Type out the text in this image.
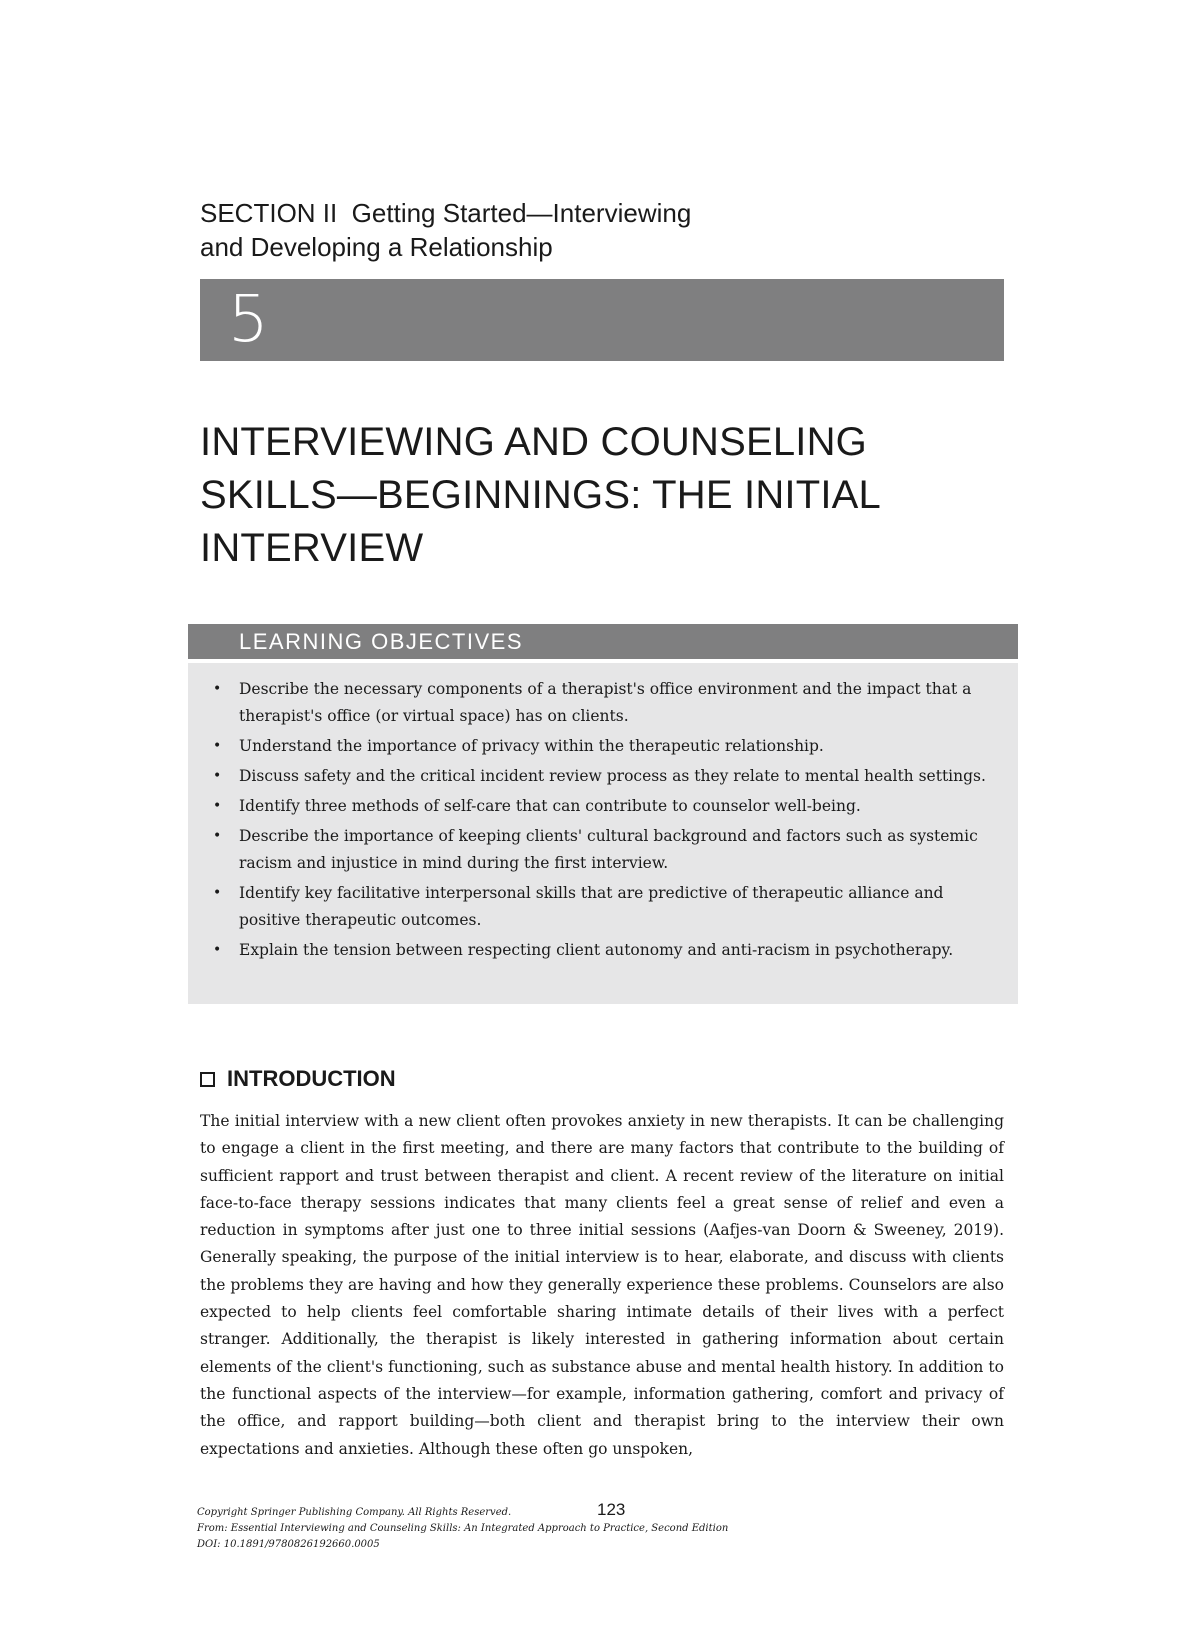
SECTION II  Getting Started—Interviewing
and Developing a Relationship
5
INTERVIEWING AND COUNSELING
SKILLS—BEGINNINGS: THE INITIAL
INTERVIEW
LEARNING OBJECTIVES
• Describe the necessary components of a therapist's office environment and the impact that a therapist's office (or virtual space) has on clients.
• Understand the importance of privacy within the therapeutic relationship.
• Discuss safety and the critical incident review process as they relate to mental health settings.
• Identify three methods of self-care that can contribute to counselor well-being.
• Describe the importance of keeping clients' cultural background and factors such as systemic racism and injustice in mind during the first interview.
• Identify key facilitative interpersonal skills that are predictive of therapeutic alliance and positive therapeutic outcomes.
• Explain the tension between respecting client autonomy and anti-racism in psychotherapy.
INTRODUCTION

The initial interview with a new client often provokes anxiety in new therapists. It can be challenging to engage a client in the first meeting, and there are many factors that contribute to the building of sufficient rapport and trust between therapist and client. A recent review of the literature on initial face-to-face therapy sessions indicates that many clients feel a great sense of relief and even a reduction in symptoms after just one to three initial sessions (Aafjes-van Doorn & Sweeney, 2019). Generally speaking, the purpose of the initial interview is to hear, elaborate, and discuss with clients the problems they are having and how they generally experience these problems. Counselors are also expected to help clients feel comfortable sharing intimate details of their lives with a perfect stranger. Additionally, the therapist is likely interested in gathering information about certain elements of the client's functioning, such as substance abuse and mental health history. In addition to the functional aspects of the interview—for example, information gathering, comfort and privacy of the office, and rapport building—both client and therapist bring to the interview their own expectations and anxieties. Although these often go unspoken,

Copyright Springer Publishing Company. All Rights Reserved.
From: Essential Interviewing and Counseling Skills: An Integrated Approach to Practice, Second Edition
DOI: 10.1891/9780826192660.0005
123
